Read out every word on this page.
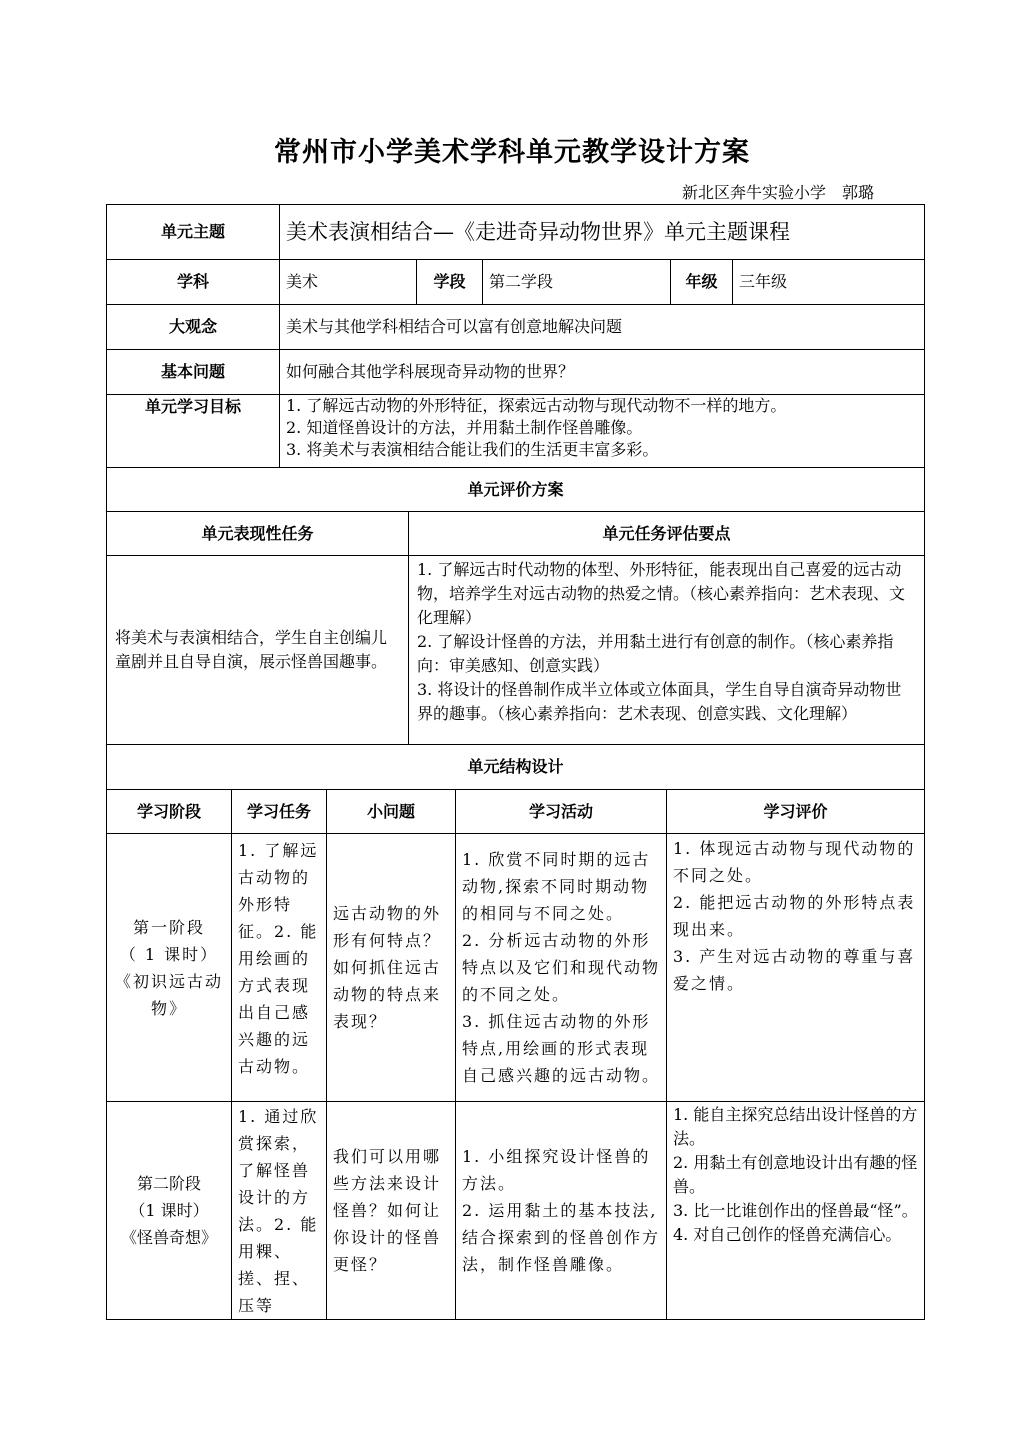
常州市小学美术学科单元教学设计方案
新北区奔牛实验小学　郭璐
单元主题	美术表演相结合—《走进奇异动物世界》单元主题课程				
学科	美术	学段	第二学段	年级	三年级
大观念	美术与其他学科相结合可以富有创意地解决问题				
基本问题	如何融合其他学科展现奇异动物的世界？				
单元学习目标	1. 了解远古动物的外形特征，探索远古动物与现代动物不一样的地方。
2. 知道怪兽设计的方法，并用黏土制作怪兽雕像。
3. 将美术与表演相结合能让我们的生活更丰富多彩。				
单元评价方案	
单元表现性任务	单元任务评估要点
将美术与表演相结合，学生自主创编儿童剧并且自导自演，展示怪兽国趣事。	1. 了解远古时代动物的体型、外形特征，能表现出自己喜爱的远古动物，培养学生对远古动物的热爱之情。（核心素养指向：艺术表现、文化理解）
2. 了解设计怪兽的方法，并用黏土进行有创意的制作。（核心素养指向：审美感知、创意实践）
3. 将设计的怪兽制作成半立体或立体面具，学生自导自演奇异动物世界的趣事。（核心素养指向：艺术表现、创意实践、文化理解）

单元结构设计	
学习阶段	学习任务	小问题	学习活动	学习评价

第一阶段
（ 1 课时）
《初识远古动物》	1. 了解远古动物的外形特征。2. 能用绘画的方式表现出自己感兴趣的远古动物。	远古动物的外形有何特点？如何抓住远古动物的特点来表现？	1. 欣赏不同时期的远古动物,探索不同时期动物的相同与不同之处。
2. 分析远古动物的外形特点以及它们和现代动物的不同之处。
3. 抓住远古动物的外形特点,用绘画的形式表现自己感兴趣的远古动物。	1. 体现远古动物与现代动物的不同之处。
2. 能把远古动物的外形特点表现出来。
3. 产生对远古动物的尊重与喜爱之情。

第二阶段
（1 课时）
《怪兽奇想》	1. 通过欣赏探索，了解怪兽设计的方法。2. 能用粿、搓、捏、压等	我们可以用哪些方法来设计怪兽？如何让你设计的怪兽更怪？	1. 小组探究设计怪兽的方法。
2. 运用黏土的基本技法,结合探索到的怪兽创作方法，制作怪兽雕像。	1. 能自主探究总结出设计怪兽的方法。
2. 用黏土有创意地设计出有趣的怪兽。
3. 比一比谁创作出的怪兽最“怪”。
4. 对自己创作的怪兽充满信心。
